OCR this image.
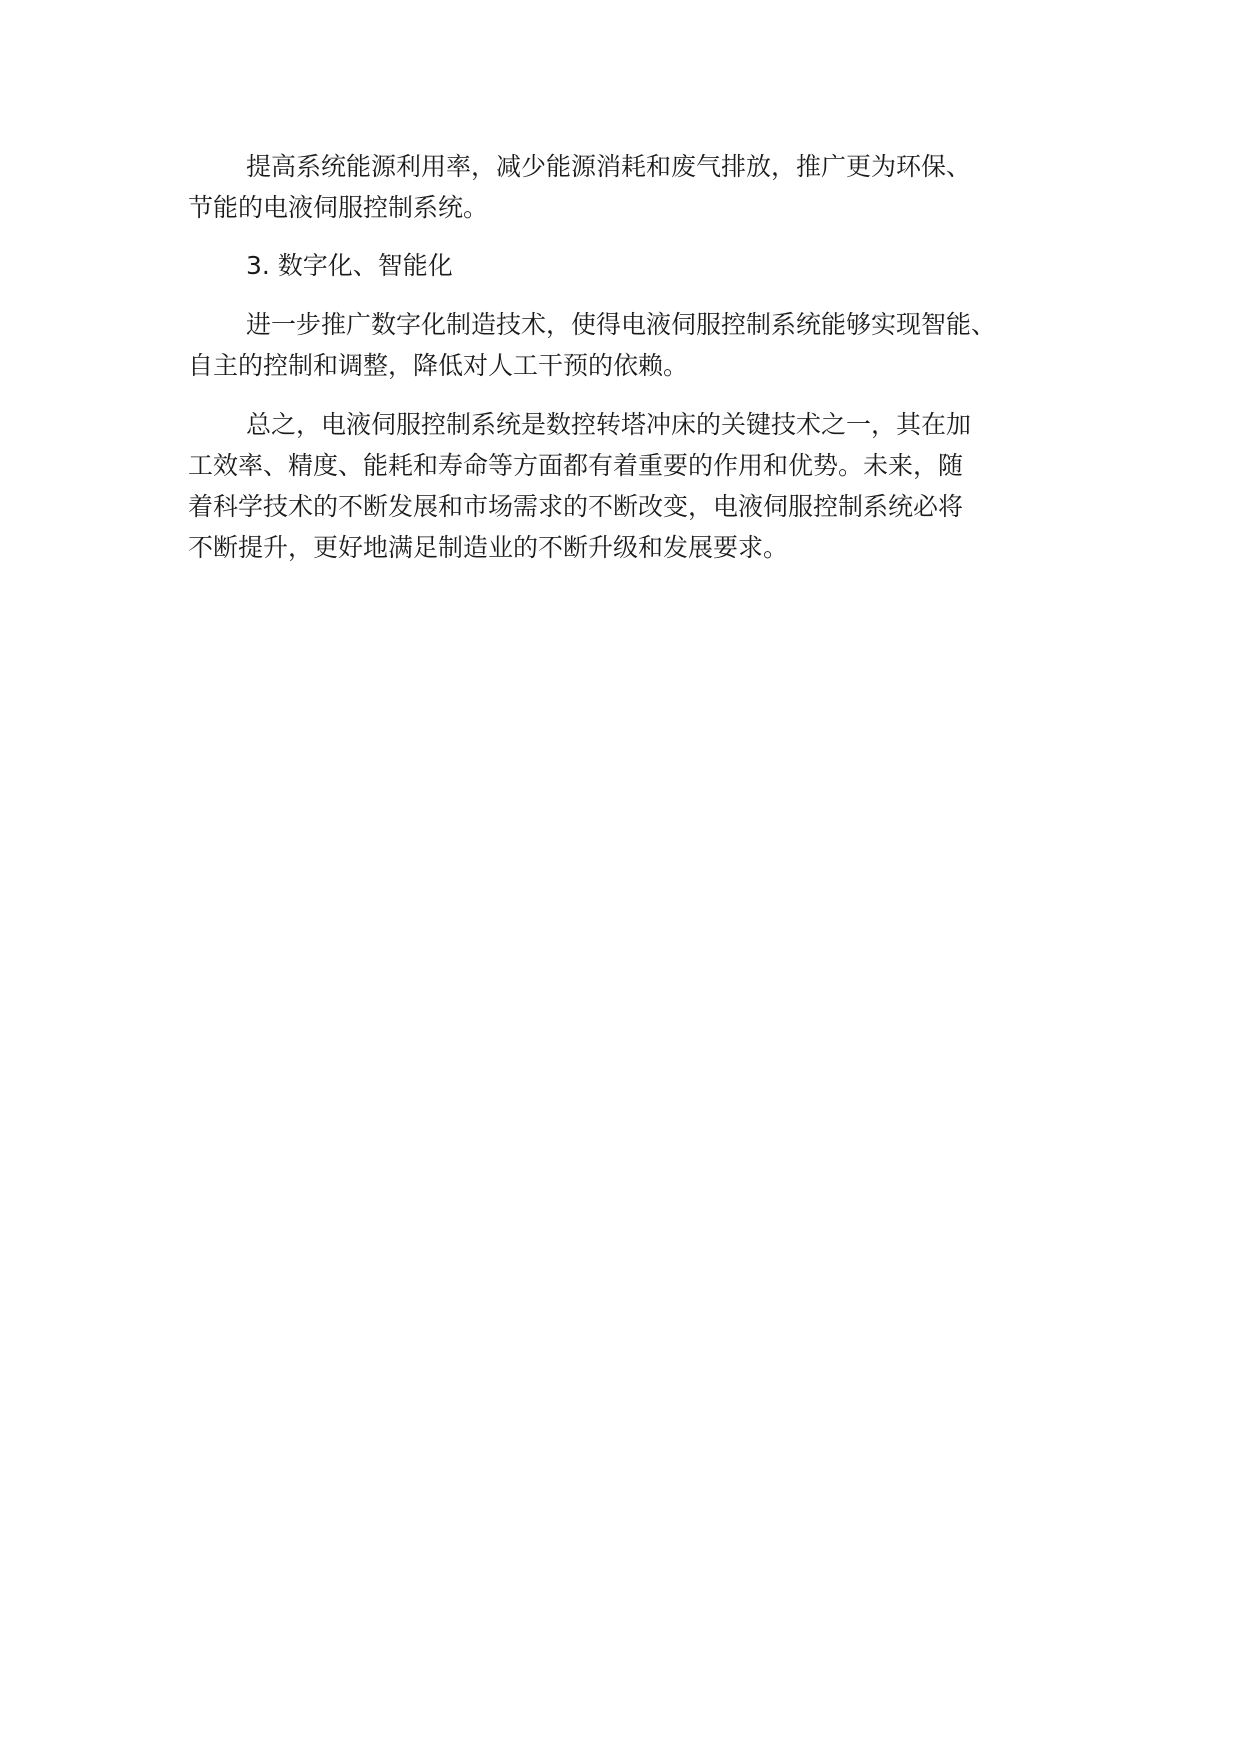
提高系统能源利用率，减少能源消耗和废气排放，推广更为环保、
节能的电液伺服控制系统。
3. 数字化、智能化
进一步推广数字化制造技术，使得电液伺服控制系统能够实现智能、
自主的控制和调整，降低对人工干预的依赖。
总之，电液伺服控制系统是数控转塔冲床的关键技术之一，其在加
工效率、精度、能耗和寿命等方面都有着重要的作用和优势。未来，随
着科学技术的不断发展和市场需求的不断改变，电液伺服控制系统必将
不断提升，更好地满足制造业的不断升级和发展要求。
